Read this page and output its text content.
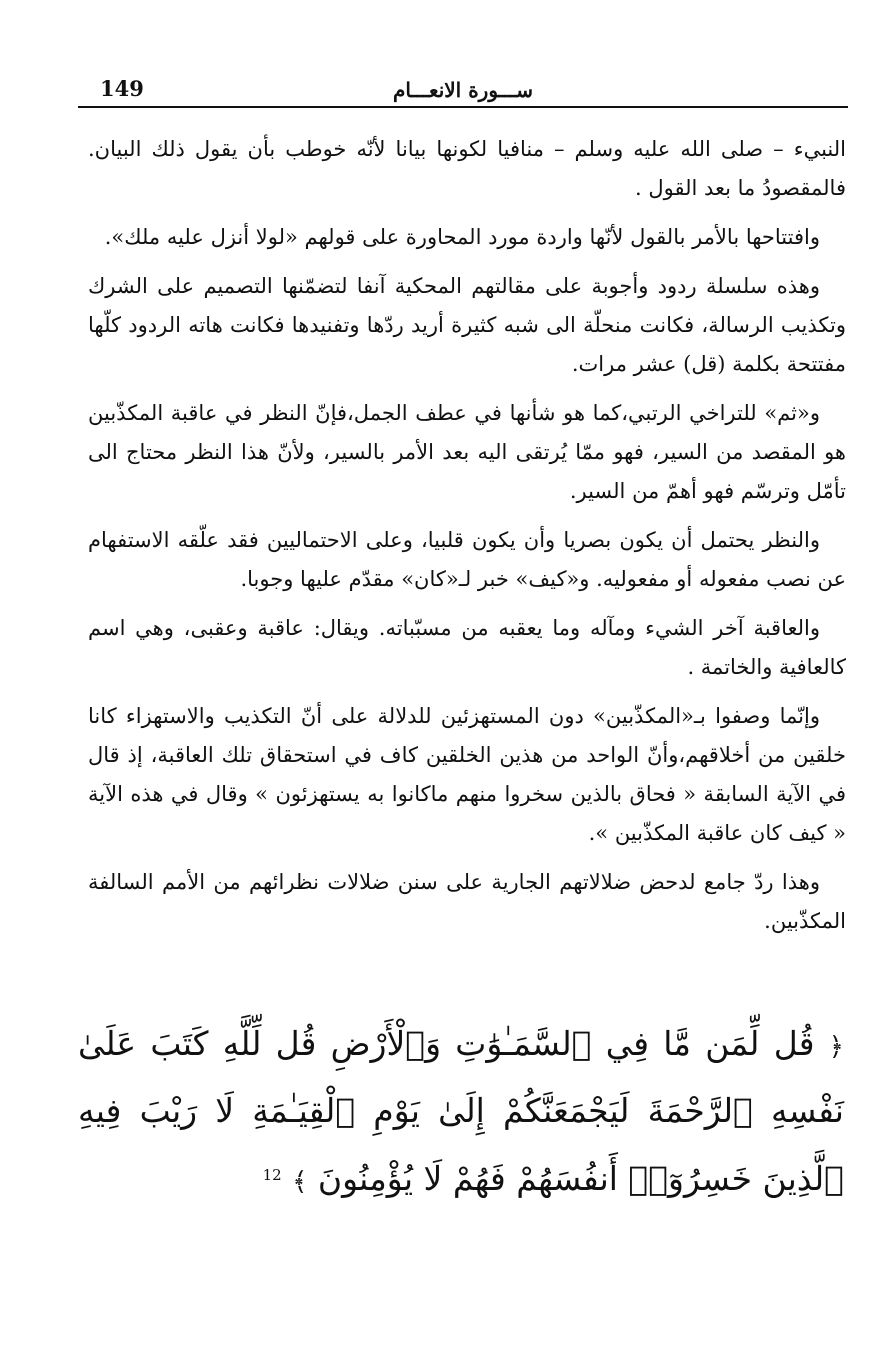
149	ســـورة الانعـــام

النبيء – صلى الله عليه وسلم – منافيا لكونها بيانا لأنّه خوطب بأن يقول ذلك البيان. فالمقصودُ ما بعد القول .

وافتتاحها بالأمر بالقول لأنّها واردة مورد المحاورة على قولهم «لولا أنزل عليه ملك».

وهذه سلسلة ردود وأجوبة على مقالتهم المحكية آنفا لتضمّنها التصميم على الشرك وتكذيب الرسالة، فكانت منحلّة الى شبه كثيرة أريد ردّها وتفنيدها فكانت هاته الردود كلّها مفتتحة بكلمة (قل) عشر مرات.

و«ثم» للتراخي الرتبي،كما هو شأنها في عطف الجمل،فإنّ النظر في عاقبة المكذّبين هو المقصد من السير، فهو ممّا يُرتقى اليه بعد الأمر بالسير، ولأنّ هذا النظر محتاج الى تأمّل وترسّم فهو أهمّ من السير.

والنظر يحتمل أن يكون بصريا وأن يكون قلبيا، وعلى الاحتماليين فقد علّقه الاستفهام عن نصب مفعوله أو مفعوليه. و«كيف» خبر لـ«كان» مقدّم عليها وجوبا.

والعاقبة آخر الشيء ومآله وما يعقبه من مسبّباته. ويقال: عاقبة وعقبى، وهي اسم كالعافية والخاتمة .

وإنّما وصفوا بـ«المكذّبين» دون المستهزئين للدلالة على أنّ التكذيب والاستهزاء كانا خلقين من أخلاقهم،وأنّ الواحد من هذين الخلقين كاف في استحقاق تلك العاقبة، إذ قال في الآية السابقة « فحاق بالذين سخروا منهم ماكانوا به يستهزئون » وقال في هذه الآية « كيف كان عاقبة المكذّبين ».

وهذا ردّ جامع لدحض ضلالاتهم الجارية على سنن ضلالات نظرائهم من الأمم السالفة المكذّبين.

﴿ قُل لِّمَن مَّا فِي ٱلسَّمَـٰوَٰتِ وَٱلْأَرْضِ قُل لِّلَّهِ كَتَبَ عَلَىٰ نَفْسِهِ ٱلرَّحْمَةَ لَيَجْمَعَنَّكُمْ إِلَىٰ يَوْمِ ٱلْقِيَـٰمَةِ لَا رَيْبَ فِيهِ ٱلَّذِينَ خَسِرُوٓا۟ أَنفُسَهُمْ فَهُمْ لَا يُؤْمِنُونَ ﴾ $^{12}$
